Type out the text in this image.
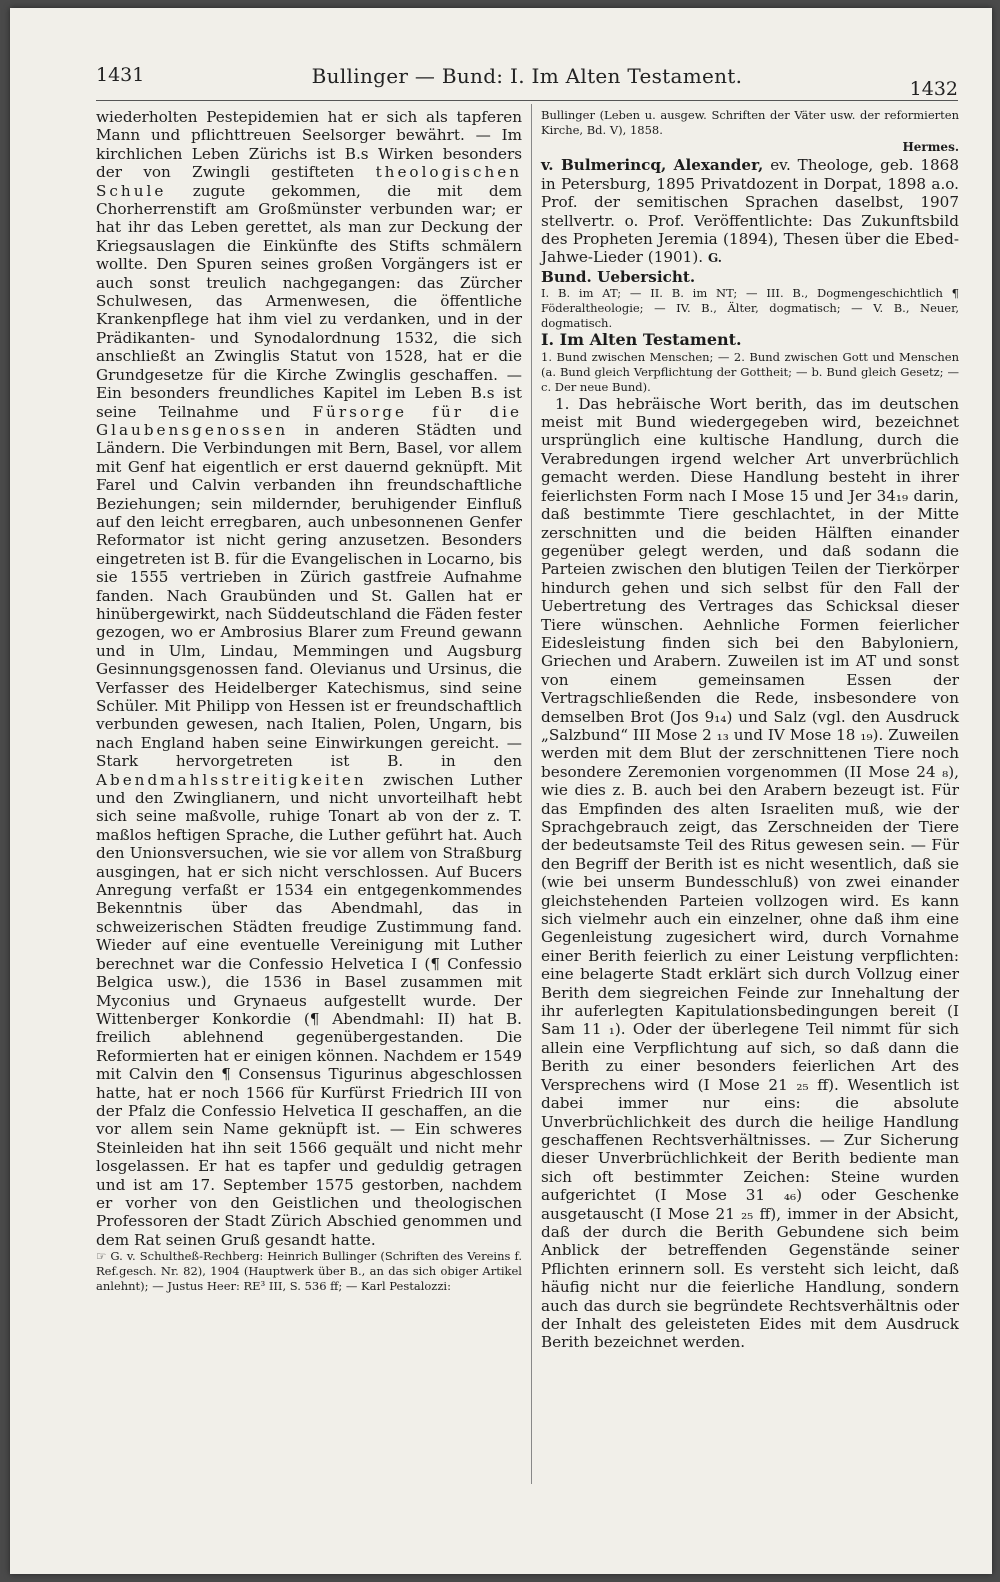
1431	Bullinger — Bund: I. Im Alten Testament.
1432

wiederholten Pestepidemien hat er sich als tapferen Mann und pflichttreuen Seelsorger bewährt. — Im kirchlichen Leben Zürichs ist B.s Wirken besonders der von Zwingli gestifteten theologischen Schule zugute gekommen, die mit dem Chorherrenstift am Großmünster verbunden war; er hat ihr das Leben gerettet, als man zur Deckung der Kriegsauslagen die Einkünfte des Stifts schmälern wollte. Den Spuren seines großen Vorgängers ist er auch sonst treulich nachgegangen: das Zürcher Schulwesen, das Armenwesen, die öffentliche Krankenpflege hat ihm viel zu verdanken, und in der Prädikanten- und Synodalordnung 1532, die sich anschließt an Zwinglis Statut von 1528, hat er die Grundgesetze für die Kirche Zwinglis geschaffen. — Ein besonders freundliches Kapitel im Leben B.s ist seine Teilnahme und Fürsorge für die Glaubensgenossen in anderen Städten und Ländern. Die Verbindungen mit Bern, Basel, vor allem mit Genf hat eigentlich er erst dauernd geknüpft. Mit Farel und Calvin verbanden ihn freundschaftliche Beziehungen; sein mildernder, beruhigender Einfluß auf den leicht erregbaren, auch unbesonnenen Genfer Reformator ist nicht gering anzusetzen. Besonders eingetreten ist B. für die Evangelischen in Locarno, bis sie 1555 vertrieben in Zürich gastfreie Aufnahme fanden. Nach Graubünden und St. Gallen hat er hinübergewirkt, nach Süddeutschland die Fäden fester gezogen, wo er Ambrosius Blarer zum Freund gewann und in Ulm, Lindau, Memmingen und Augsburg Gesinnungsgenossen fand. Olevianus und Ursinus, die Verfasser des Heidelberger Katechismus, sind seine Schüler. Mit Philipp von Hessen ist er freundschaftlich verbunden gewesen, nach Italien, Polen, Ungarn, bis nach England haben seine Einwirkungen gereicht. — Stark hervorgetreten ist B. in den Abendmahlsstreitigkeiten zwischen Luther und den Zwinglianern, und nicht unvorteilhaft hebt sich seine maßvolle, ruhige Tonart ab von der z. T. maßlos heftigen Sprache, die Luther geführt hat. Auch den Unionsversuchen, wie sie vor allem von Straßburg ausgingen, hat er sich nicht verschlossen. Auf Bucers Anregung verfaßt er 1534 ein entgegenkommendes Bekenntnis über das Abendmahl, das in schweizerischen Städten freudige Zustimmung fand. Wieder auf eine eventuelle Vereinigung mit Luther berechnet war die Confessio Helvetica I (¶ Confessio Belgica usw.), die 1536 in Basel zusammen mit Myconius und Grynaeus aufgestellt wurde. Der Wittenberger Konkordie (¶ Abendmahl: II) hat B. freilich ablehnend gegenübergestanden. Die Reformierten hat er einigen können. Nachdem er 1549 mit Calvin den ¶ Consensus Tigurinus abgeschlossen hatte, hat er noch 1566 für Kurfürst Friedrich III von der Pfalz die Confessio Helvetica II geschaffen, an die vor allem sein Name geknüpft ist. — Ein schweres Steinleiden hat ihn seit 1566 gequält und nicht mehr losgelassen. Er hat es tapfer und geduldig getragen und ist am 17. September 1575 gestorben, nachdem er vorher von den Geistlichen und theologischen Professoren der Stadt Zürich Abschied genommen und dem Rat seinen Gruß gesandt hatte.

☞ G. v. Schultheß-Rechberg: Heinrich Bullinger (Schriften des Vereins f. Ref.gesch. Nr. 82), 1904 (Hauptwerk über B., an das sich obiger Artikel anlehnt); — Justus Heer: RE³ III, S. 536 ff; — Karl Pestalozzi:

Bullinger (Leben u. ausgew. Schriften der Väter usw. der reformierten Kirche, Bd. V), 1858.

Hermes.

v. Bulmerincq, Alexander, ev. Theologe, geb. 1868 in Petersburg, 1895 Privatdozent in Dorpat, 1898 a.o. Prof. der semitischen Sprachen daselbst, 1907 stellvertr. o. Prof. Veröffentlichte: Das Zukunftsbild des Propheten Jeremia (1894), Thesen über die Ebed-Jahwe-Lieder (1901). G.

Bund. Uebersicht.

I. B. im AT; — II. B. im NT; — III. B., Dogmengeschichtlich ¶ Föderaltheologie; — IV. B., Älter, dogmatisch; — V. B., Neuer, dogmatisch.

I. Im Alten Testament.

1. Bund zwischen Menschen; — 2. Bund zwischen Gott und Menschen (a. Bund gleich Verpflichtung der Gottheit; — b. Bund gleich Gesetz; — c. Der neue Bund).

1. Das hebräische Wort berith, das im deutschen meist mit Bund wiedergegeben wird, bezeichnet ursprünglich eine kultische Handlung, durch die Verabredungen irgend welcher Art unverbrüchlich gemacht werden. Diese Handlung besteht in ihrer feierlichsten Form nach I Mose 15 und Jer 34₁₉ darin, daß bestimmte Tiere geschlachtet, in der Mitte zerschnitten und die beiden Hälften einander gegenüber gelegt werden, und daß sodann die Parteien zwischen den blutigen Teilen der Tierkörper hindurch gehen und sich selbst für den Fall der Uebertretung des Vertrages das Schicksal dieser Tiere wünschen. Aehnliche Formen feierlicher Eidesleistung finden sich bei den Babyloniern, Griechen und Arabern. Zuweilen ist im AT und sonst von einem gemeinsamen Essen der Vertragschließenden die Rede, insbesondere von demselben Brot (Jos 9₁₄) und Salz (vgl. den Ausdruck „Salzbund“ III Mose 2 ₁₃ und IV Mose 18 ₁₉). Zuweilen werden mit dem Blut der zerschnittenen Tiere noch besondere Zeremonien vorgenommen (II Mose 24 ₈), wie dies z. B. auch bei den Arabern bezeugt ist. Für das Empfinden des alten Israeliten muß, wie der Sprachgebrauch zeigt, das Zerschneiden der Tiere der bedeutsamste Teil des Ritus gewesen sein. — Für den Begriff der Berith ist es nicht wesentlich, daß sie (wie bei unserm Bundesschluß) von zwei einander gleichstehenden Parteien vollzogen wird. Es kann sich vielmehr auch ein einzelner, ohne daß ihm eine Gegenleistung zugesichert wird, durch Vornahme einer Berith feierlich zu einer Leistung verpflichten: eine belagerte Stadt erklärt sich durch Vollzug einer Berith dem siegreichen Feinde zur Innehaltung der ihr auferlegten Kapitulationsbedingungen bereit (I Sam 11 ₁). Oder der überlegene Teil nimmt für sich allein eine Verpflichtung auf sich, so daß dann die Berith zu einer besonders feierlichen Art des Versprechens wird (I Mose 21 ₂₅ ff). Wesentlich ist dabei immer nur eins: die absolute Unverbrüchlichkeit des durch die heilige Handlung geschaffenen Rechtsverhältnisses. — Zur Sicherung dieser Unverbrüchlichkeit der Berith bediente man sich oft bestimmter Zeichen: Steine wurden aufgerichtet (I Mose 31 ₄₆) oder Geschenke ausgetauscht (I Mose 21 ₂₅ ff), immer in der Absicht, daß der durch die Berith Gebundene sich beim Anblick der betreffenden Gegenstände seiner Pflichten erinnern soll. Es versteht sich leicht, daß häufig nicht nur die feierliche Handlung, sondern auch das durch sie begründete Rechtsverhältnis oder der Inhalt des geleisteten Eides mit dem Ausdruck Berith bezeichnet werden.
